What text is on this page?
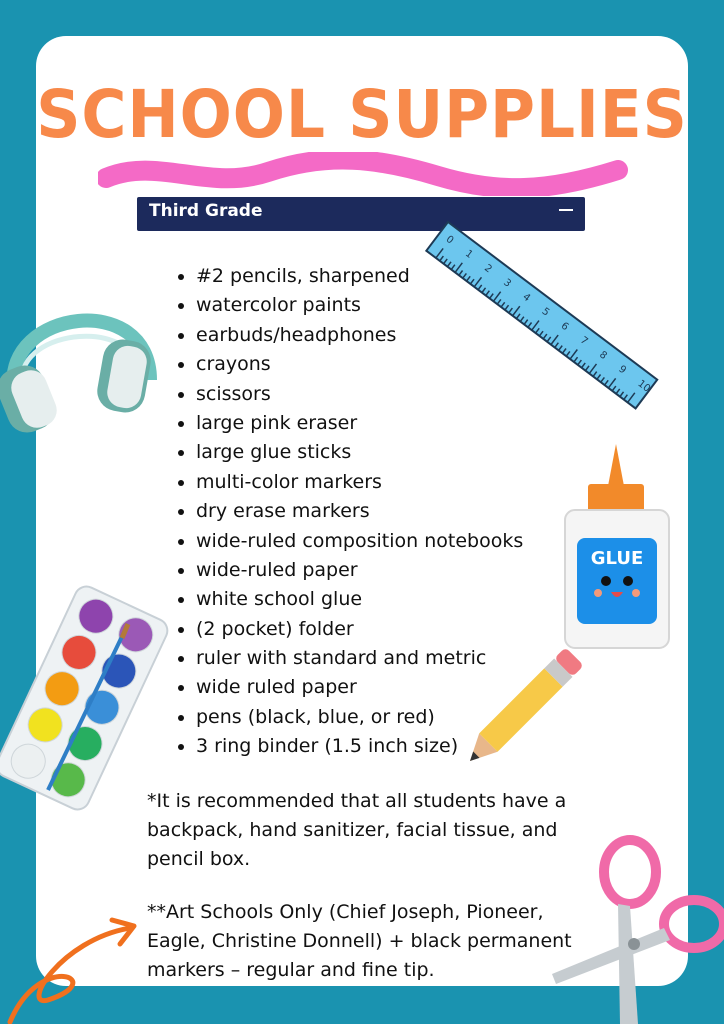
SCHOOL SUPPLIES
Third Grade
• #2 pencils, sharpened
• watercolor paints
• earbuds/headphones
• crayons
• scissors
• large pink eraser
• large glue sticks
• multi-color markers
• dry erase markers
• wide-ruled composition notebooks
• wide-ruled paper
• white school glue
• (2 pocket) folder
• ruler with standard and metric
• wide ruled paper
• pens (black, blue, or red)
• 3 ring binder (1.5 inch size)

*It is recommended that all students have a backpack, hand sanitizer, facial tissue, and pencil box.

**Art Schools Only (Chief Joseph, Pioneer, Eagle, Christine Donnell) + black permanent markers – regular and fine tip.

0
1
2
3
4
5
6
7
8
9
10
GLUE
